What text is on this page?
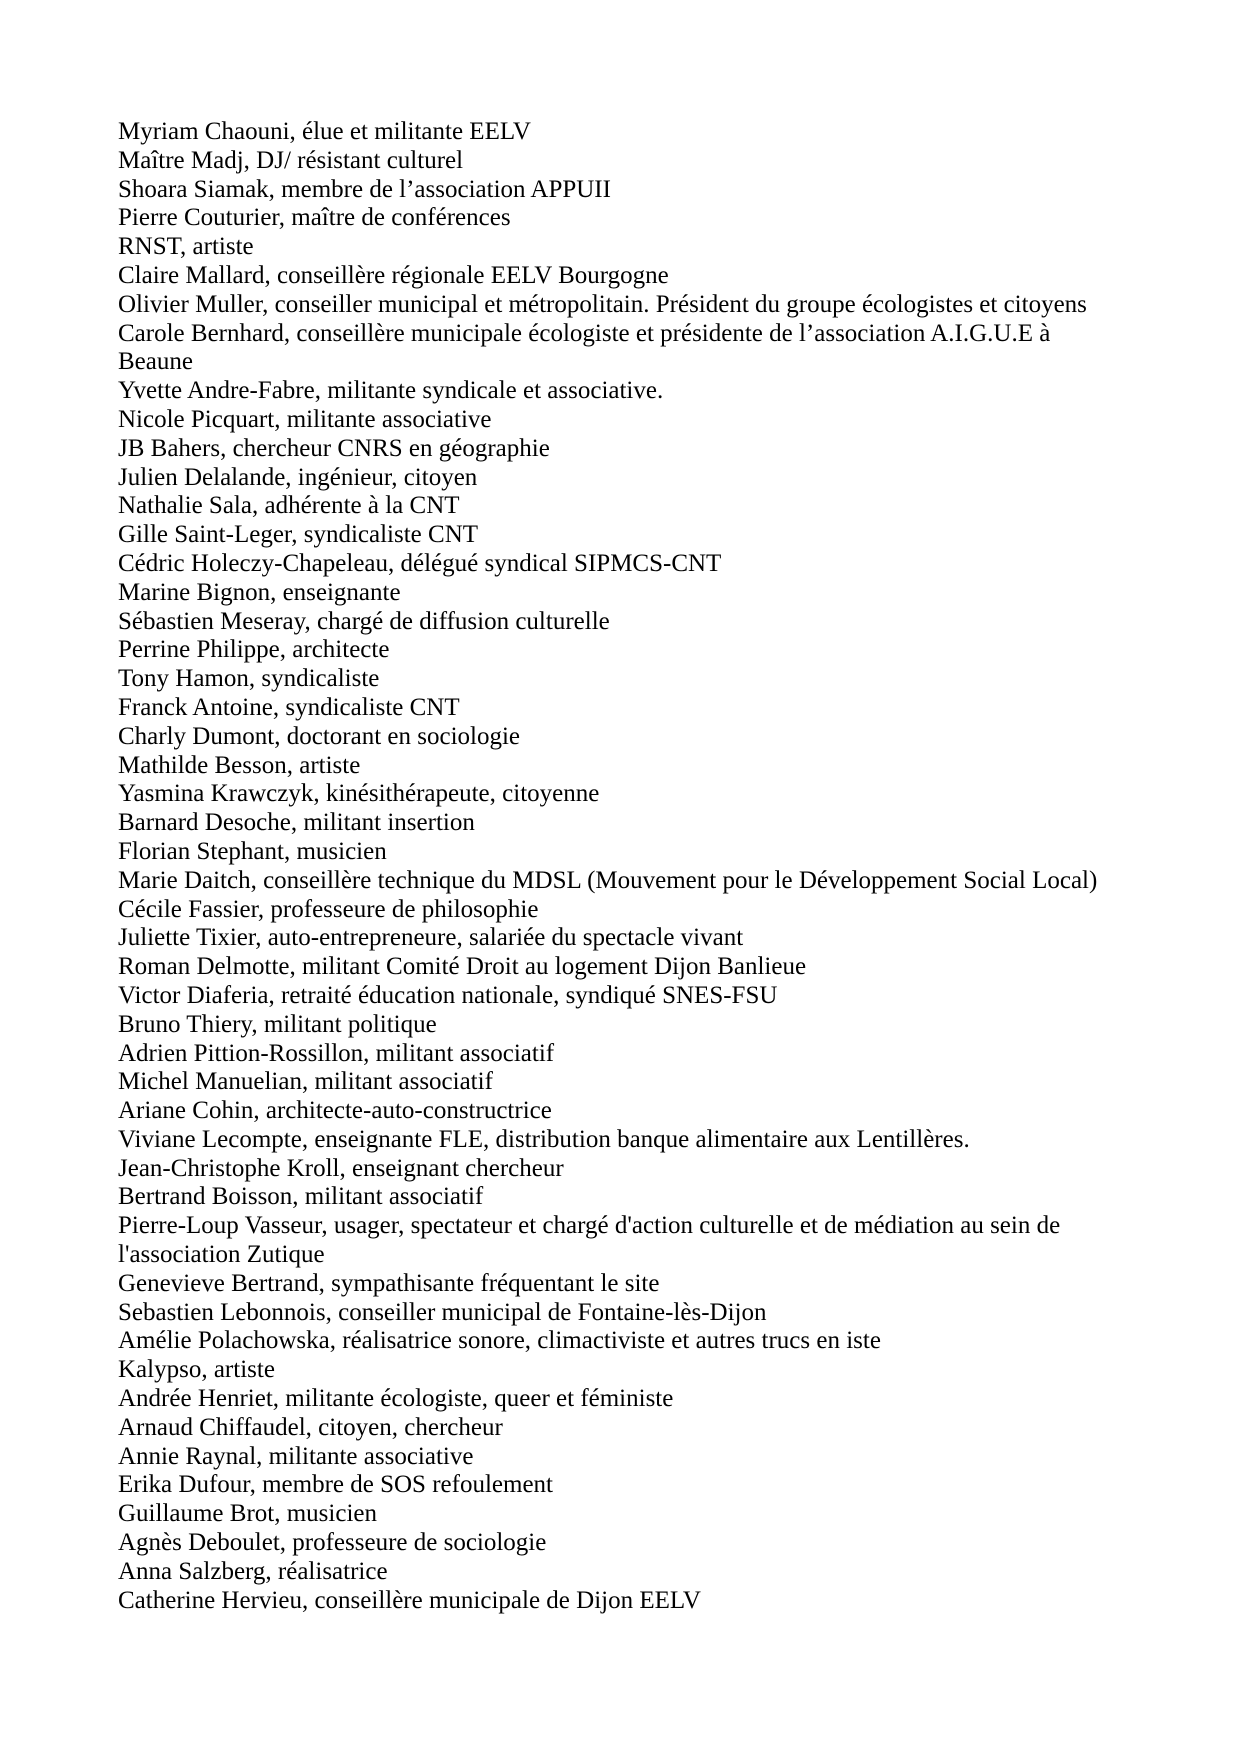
Myriam Chaouni, élue et militante EELV

Maître Madj, DJ/ résistant culturel

Shoara Siamak, membre de l’association APPUII

Pierre Couturier, maître de conférences

RNST, artiste

Claire Mallard, conseillère régionale EELV Bourgogne

Olivier Muller, conseiller municipal et métropolitain. Président du groupe écologistes et citoyens

Carole Bernhard, conseillère municipale écologiste et présidente de l’association A.I.G.U.E à Beaune

Yvette Andre-Fabre, militante syndicale et associative.

Nicole Picquart, militante associative

JB Bahers, chercheur CNRS en géographie

Julien Delalande, ingénieur, citoyen

Nathalie Sala, adhérente à la CNT

Gille Saint-Leger, syndicaliste CNT

Cédric Holeczy-Chapeleau, délégué syndical SIPMCS-CNT

Marine Bignon, enseignante

Sébastien Meseray, chargé de diffusion culturelle

Perrine Philippe, architecte

Tony Hamon, syndicaliste

Franck Antoine, syndicaliste CNT

Charly Dumont, doctorant en sociologie

Mathilde Besson, artiste

Yasmina Krawczyk, kinésithérapeute, citoyenne

Barnard Desoche, militant insertion

Florian Stephant, musicien

Marie Daitch, conseillère technique du MDSL (Mouvement pour le Développement Social Local)

Cécile Fassier, professeure de philosophie

Juliette Tixier, auto-entrepreneure, salariée du spectacle vivant

Roman Delmotte, militant Comité Droit au logement Dijon Banlieue

Victor Diaferia, retraité éducation nationale, syndiqué SNES-FSU

Bruno Thiery, militant politique

Adrien Pittion-Rossillon, militant associatif

Michel Manuelian, militant associatif

Ariane Cohin, architecte-auto-constructrice

Viviane Lecompte, enseignante FLE, distribution banque alimentaire aux Lentillères.

Jean-Christophe Kroll, enseignant chercheur

Bertrand Boisson, militant associatif

Pierre-Loup Vasseur, usager, spectateur et chargé d'action culturelle et de médiation au sein de l'association Zutique

Genevieve Bertrand, sympathisante fréquentant le site

Sebastien Lebonnois, conseiller municipal de Fontaine-lès-Dijon

Amélie Polachowska, réalisatrice sonore, climactiviste et autres trucs en iste

Kalypso, artiste

Andrée Henriet, militante écologiste, queer et féministe

Arnaud Chiffaudel, citoyen, chercheur

Annie Raynal, militante associative

Erika Dufour, membre de SOS refoulement

Guillaume Brot, musicien

Agnès Deboulet, professeure de sociologie

Anna Salzberg, réalisatrice

Catherine Hervieu, conseillère municipale de Dijon EELV
